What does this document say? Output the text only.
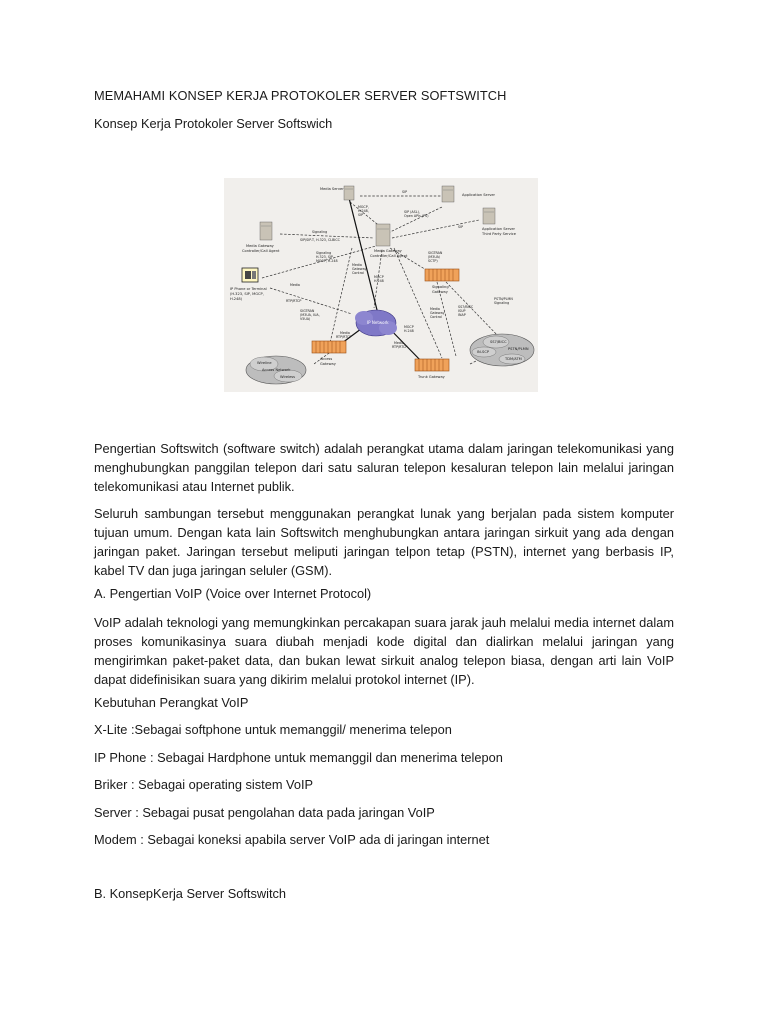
MEMAHAMI KONSEP KERJA PROTOKOLER SERVER SOFTSWITCH

Konsep Kerja Protokoler Server Softswich

IP Network
Wireline
Access Network
Wireless
SS7/BICC
PSTN/PLMN
IN-SCP
TDM/ATM
Media Server
Application Server
Application Server
Third Party Service
Media Gateway
Controller/Call Agent	Media Gateway
Controller/Call Agent
IP Phone or Terminal
(H.323, SIP, MGCP,
H.248)
Signaling
Gateway
Access
Gateway
Trunk Gateway
SIP
MGCP,
H.248,
SIP
SIP (ASL),
Open APIs (PS)
SIP
Signaling
SIP/SIP-T, H.323, CLBICC
Signaling
H.323, SIP,
MGCP, H.248
SIGTRAN
(M3UA/
SCTP)
Media
Gateway
Control
Media
RTP/RTCP
MGCP
H.248
SIGTRAN
(M3UA, IUA,
V5UA)
Media
RTP/RTCP
Media
Gateway
Control
SS7/BICC
ISUP
INAP
PSTN/PLMN
Signaling
MGCP
H.248
Media
RTP/RTCP

Pengertian Softswitch (software switch) adalah perangkat utama dalam jaringan telekomunikasi yang menghubungkan panggilan telepon dari satu saluran telepon kesaluran telepon lain melalui jaringan telekomunikasi atau Internet publik.

Seluruh sambungan tersebut menggunakan perangkat lunak yang berjalan pada sistem komputer tujuan umum. Dengan kata lain Softswitch menghubungkan antara jaringan sirkuit yang ada dengan jaringan paket. Jaringan tersebut meliputi jaringan telpon tetap (PSTN), internet yang berbasis IP, kabel TV dan juga jaringan seluler (GSM).

A. Pengertian VoIP (Voice over Internet Protocol)

VoIP adalah teknologi yang memungkinkan percakapan suara jarak jauh melalui media internet dalam proses komunikasinya suara diubah menjadi kode digital dan dialirkan melalui jaringan yang mengirimkan paket-paket data, dan bukan lewat sirkuit analog telepon biasa, dengan arti lain VoIP dapat didefinisikan suara yang dikirim melalui protokol internet (IP).

Kebutuhan Perangkat VoIP

X-Lite :Sebagai softphone untuk memanggil/ menerima telepon

IP Phone : Sebagai Hardphone untuk memanggil dan menerima telepon

Briker : Sebagai operating sistem VoIP

Server : Sebagai pusat pengolahan data pada jaringan VoIP

Modem : Sebagai koneksi apabila server VoIP ada di jaringan internet

B. KonsepKerja Server Softswitch
